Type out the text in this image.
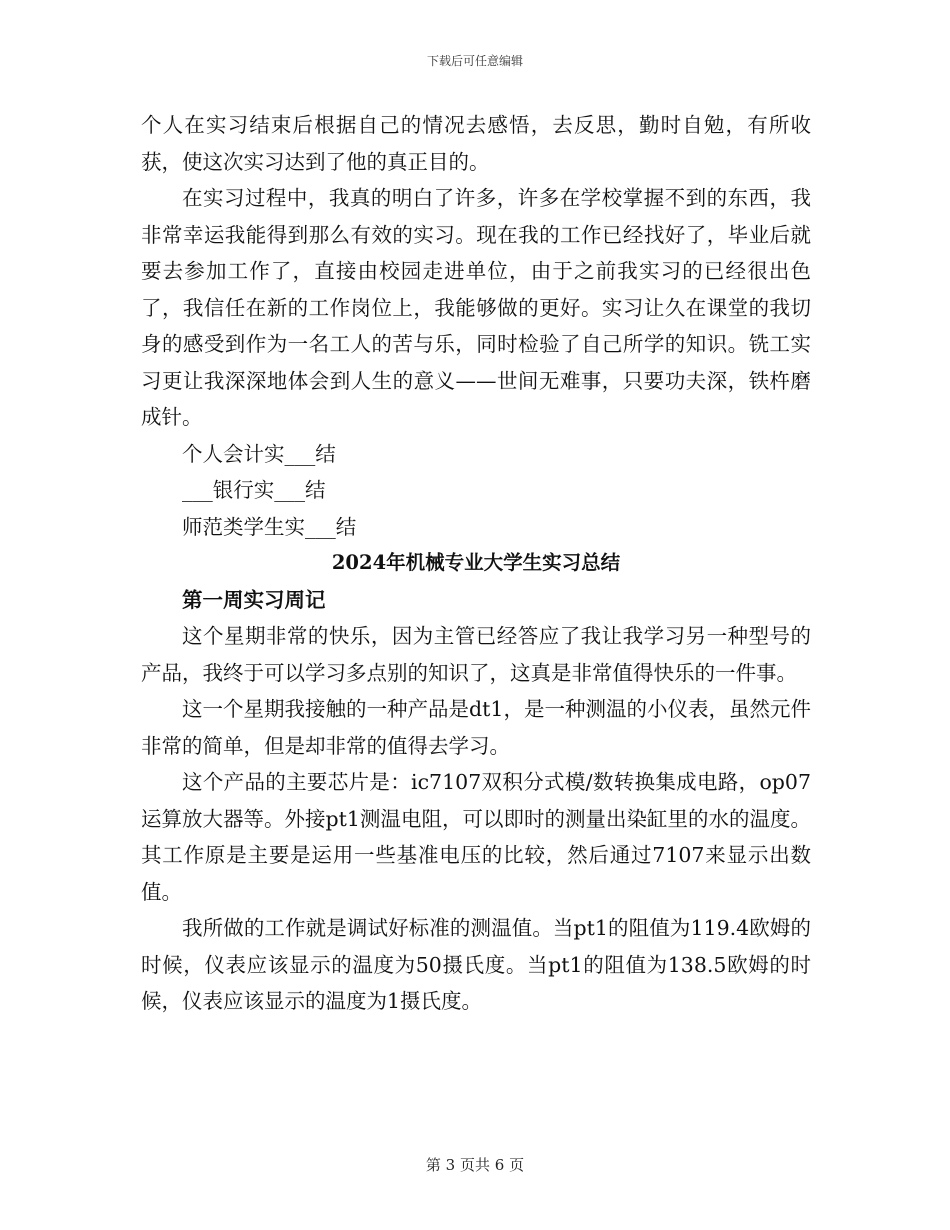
下载后可任意编辑

个人在实习结束后根据自己的情况去感悟，去反思，勤时自勉，有所收获，使这次实习达到了他的真正目的。

在实习过程中，我真的明白了许多，许多在学校掌握不到的东西，我非常幸运我能得到那么有效的实习。现在我的工作已经找好了，毕业后就要去参加工作了，直接由校园走进单位，由于之前我实习的已经很出色了，我信任在新的工作岗位上，我能够做的更好。实习让久在课堂的我切身的感受到作为一名工人的苦与乐，同时检验了自己所学的知识。铣工实习更让我深深地体会到人生的意义——世间无难事，只要功夫深，铁杵磨成针。

个人会计实___结

___银行实___结

师范类学生实___结

2024年机械专业大学生实习总结

第一周实习周记

这个星期非常的快乐，因为主管已经答应了我让我学习另一种型号的产品，我终于可以学习多点别的知识了，这真是非常值得快乐的一件事。

这一个星期我接触的一种产品是dt1，是一种测温的小仪表，虽然元件非常的简单，但是却非常的值得去学习。

这个产品的主要芯片是：ic7107双积分式模/数转换集成电路，op07运算放大器等。外接pt1测温电阻，可以即时的测量出染缸里的水的温度。其工作原是主要是运用一些基准电压的比较，然后通过7107来显示出数值。

我所做的工作就是调试好标准的测温值。当pt1的阻值为119.4欧姆的时候，仪表应该显示的温度为50摄氏度。当pt1的阻值为138.5欧姆的时候，仪表应该显示的温度为1摄氏度。

第 3 页共 6 页
